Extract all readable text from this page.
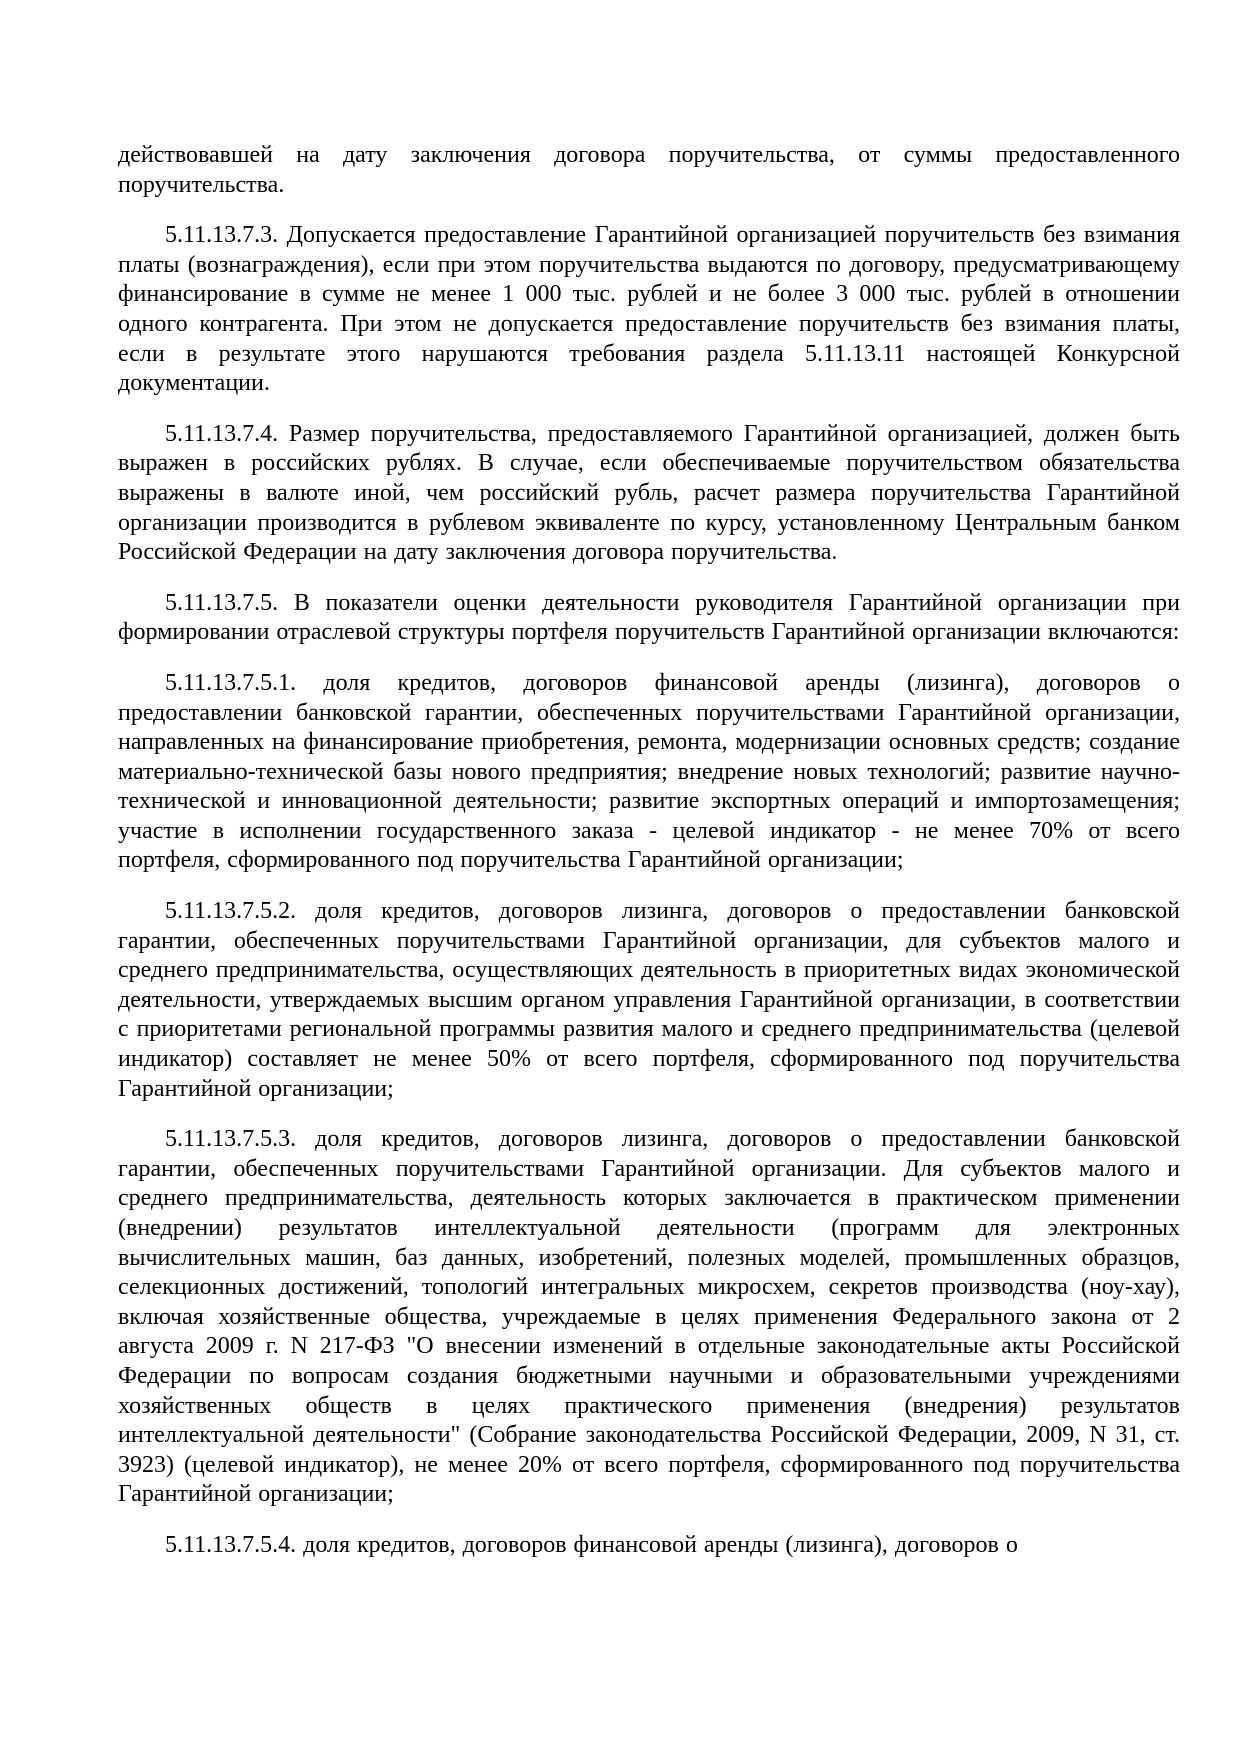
действовавшей на дату заключения договора поручительства, от суммы предоставленного поручительства.

5.11.13.7.3. Допускается предоставление Гарантийной организацией поручительств без взимания платы (вознаграждения), если при этом поручительства выдаются по договору, предусматривающему финансирование в сумме не менее 1 000 тыс. рублей и не более 3 000 тыс. рублей в отношении одного контрагента. При этом не допускается предоставление поручительств без взимания платы, если в результате этого нарушаются требования раздела 5.11.13.11 настоящей Конкурсной документации.

5.11.13.7.4. Размер поручительства, предоставляемого Гарантийной организацией, должен быть выражен в российских рублях. В случае, если обеспечиваемые поручительством обязательства выражены в валюте иной, чем российский рубль, расчет размера поручительства Гарантийной организации производится в рублевом эквиваленте по курсу, установленному Центральным банком Российской Федерации на дату заключения договора поручительства.

5.11.13.7.5. В показатели оценки деятельности руководителя Гарантийной организации при формировании отраслевой структуры портфеля поручительств Гарантийной организации включаются:

5.11.13.7.5.1. доля кредитов, договоров финансовой аренды (лизинга), договоров о предоставлении банковской гарантии, обеспеченных поручительствами Гарантийной организации, направленных на финансирование приобретения, ремонта, модернизации основных средств; создание материально-технической базы нового предприятия; внедрение новых технологий; развитие научно-технической и инновационной деятельности; развитие экспортных операций и импортозамещения; участие в исполнении государственного заказа - целевой индикатор - не менее 70% от всего портфеля, сформированного под поручительства Гарантийной организации;

5.11.13.7.5.2. доля кредитов, договоров лизинга, договоров о предоставлении банковской гарантии, обеспеченных поручительствами Гарантийной организации, для субъектов малого и среднего предпринимательства, осуществляющих деятельность в приоритетных видах экономической деятельности, утверждаемых высшим органом управления Гарантийной организации, в соответствии с приоритетами региональной программы развития малого и среднего предпринимательства (целевой индикатор) составляет не менее 50% от всего портфеля, сформированного под поручительства Гарантийной организации;

5.11.13.7.5.3. доля кредитов, договоров лизинга, договоров о предоставлении банковской гарантии, обеспеченных поручительствами Гарантийной организации. Для субъектов малого и среднего предпринимательства, деятельность которых заключается в практическом применении (внедрении) результатов интеллектуальной деятельности (программ для электронных вычислительных машин, баз данных, изобретений, полезных моделей, промышленных образцов, селекционных достижений, топологий интегральных микросхем, секретов производства (ноу-хау), включая хозяйственные общества, учреждаемые в целях применения Федерального закона от 2 августа 2009 г. N 217-ФЗ "О внесении изменений в отдельные законодательные акты Российской Федерации по вопросам создания бюджетными научными и образовательными учреждениями хозяйственных обществ в целях практического применения (внедрения) результатов интеллектуальной деятельности" (Собрание законодательства Российской Федерации, 2009, N 31, ст. 3923) (целевой индикатор), не менее 20% от всего портфеля, сформированного под поручительства Гарантийной организации;

5.11.13.7.5.4. доля кредитов, договоров финансовой аренды (лизинга), договоров о
